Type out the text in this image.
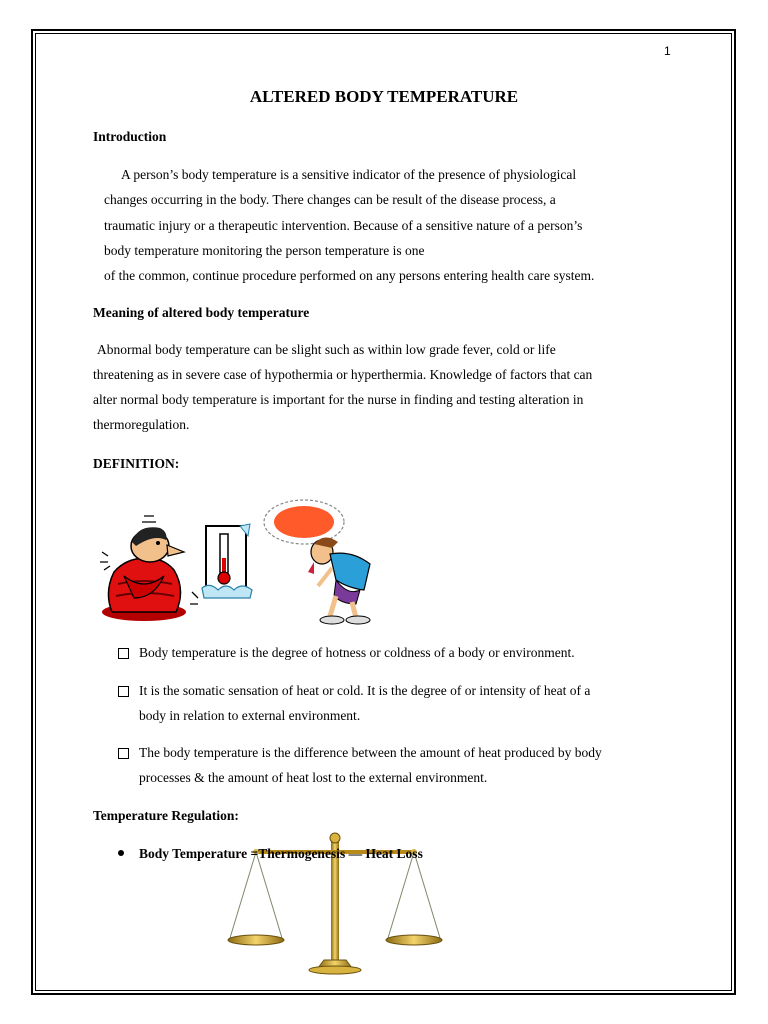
1
ALTERED BODY TEMPERATURE
Introduction
A person’s body temperature is a sensitive indicator of the presence of physiological
changes occurring in the body. There changes can be result of the disease process, a
traumatic injury or a therapeutic intervention. Because of a sensitive nature of a person’s
body temperature monitoring the person temperature is one
of the common, continue procedure performed on any persons entering health care system.
Meaning of altered body temperature
Abnormal body temperature can be slight such as within low grade fever, cold or life
threatening as in severe case of hypothermia or hyperthermia. Knowledge of factors that can
alter normal body temperature is important for the nurse in finding and testing alteration in
thermoregulation.
DEFINITION:
Body temperature is the degree of hotness or coldness of a body or environment.
It is the somatic sensation of heat or cold. It is the degree of or intensity of heat of a
body in relation to external environment.
The body temperature is the difference between the amount of heat produced by body
processes & the amount of heat lost to the external environment.
Temperature Regulation:
Body Temperature =Thermogenesis — Heat Loss
